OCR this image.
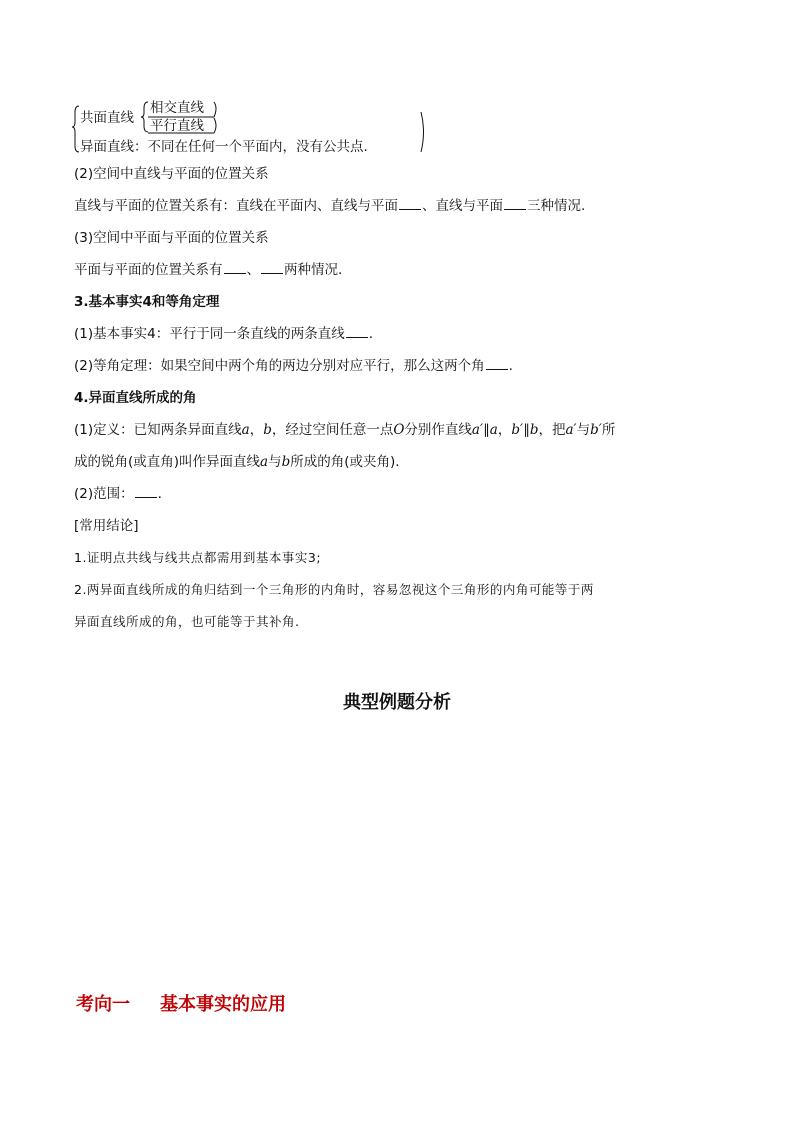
共面直线
相交直线
平行直线
异面直线：不同在任何一个平面内，没有公共点.
(2)空间中直线与平面的位置关系
直线与平面的位置关系有：直线在平面内、直线与平面 、直线与平面 三种情况.
(3)空间中平面与平面的位置关系
平面与平面的位置关系有 、 两种情况.
3.基本事实4和等角定理
(1)基本事实4：平行于同一条直线的两条直线 .
(2)等角定理：如果空间中两个角的两边分别对应平行，那么这两个角 .
4.异面直线所成的角
(1)定义：已知两条异面直线a，b，经过空间任意一点O分别作直线a′∥a，b′∥b，把a′与b′所
成的锐角(或直角)叫作异面直线a与b所成的角(或夹角).
(2)范围： .
[常用结论]
1.证明点共线与线共点都需用到基本事实3;
2.两异面直线所成的角归结到一个三角形的内角时，容易忽视这个三角形的内角可能等于两
异面直线所成的角，也可能等于其补角.
典型例题分析
考向一 基本事实的应用
